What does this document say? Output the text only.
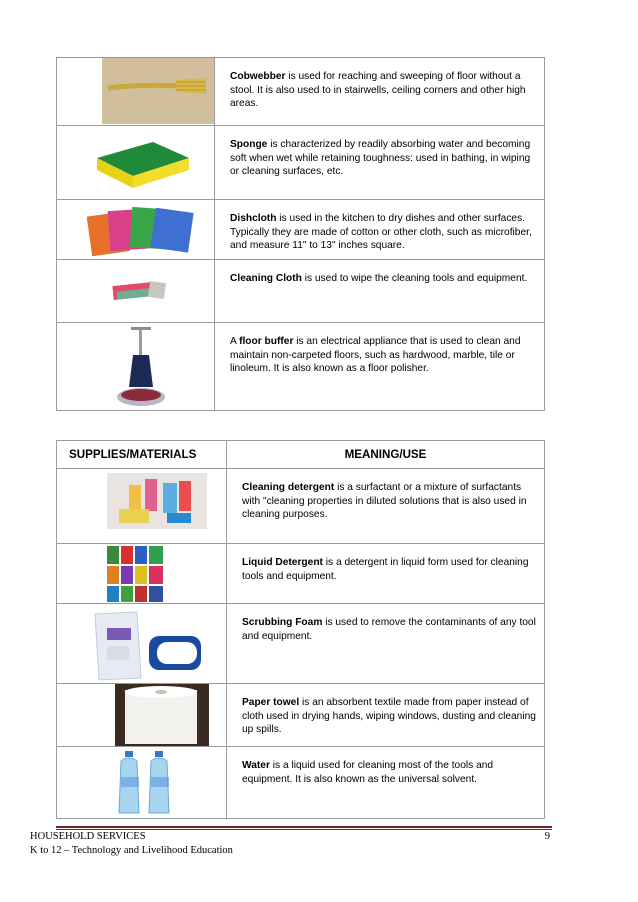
	Cobwebber is used for reaching and sweeping of floor without a stool. It is also used to in stairwells, ceiling corners and other high areas.

	Sponge is characterized by readily absorbing water and becoming soft when wet while retaining toughness: used in bathing, in wiping or cleaning surfaces, etc.

	Dishcloth is used in the kitchen to dry dishes and other surfaces. Typically they are made of cotton or other cloth, such as microfiber, and measure 11" to 13" inches square.

	Cleaning Cloth is used to wipe the cleaning tools and equipment.

	A floor buffer is an electrical appliance that is used to clean and maintain non-carpeted floors, such as hardwood, marble, tile or linoleum. It is also known as a floor polisher.
SUPPLIES/MATERIALS	MEANING/USE

	Cleaning detergent is a surfactant or a mixture of surfactants with "cleaning properties in diluted solutions that is also used in cleaning purposes.

	Liquid Detergent is a detergent in liquid form used for cleaning tools and equipment.

	Scrubbing Foam is used to remove the contaminants of any tool and equipment.

	Paper towel is an absorbent textile made from paper instead of cloth used in drying hands, wiping windows, dusting and cleaning up spills.

	Water is a liquid used for cleaning most of the tools and equipment. It is also known as the universal solvent.
HOUSEHOLD SERVICES
K to 12 – Technology and Livelihood Education
9
